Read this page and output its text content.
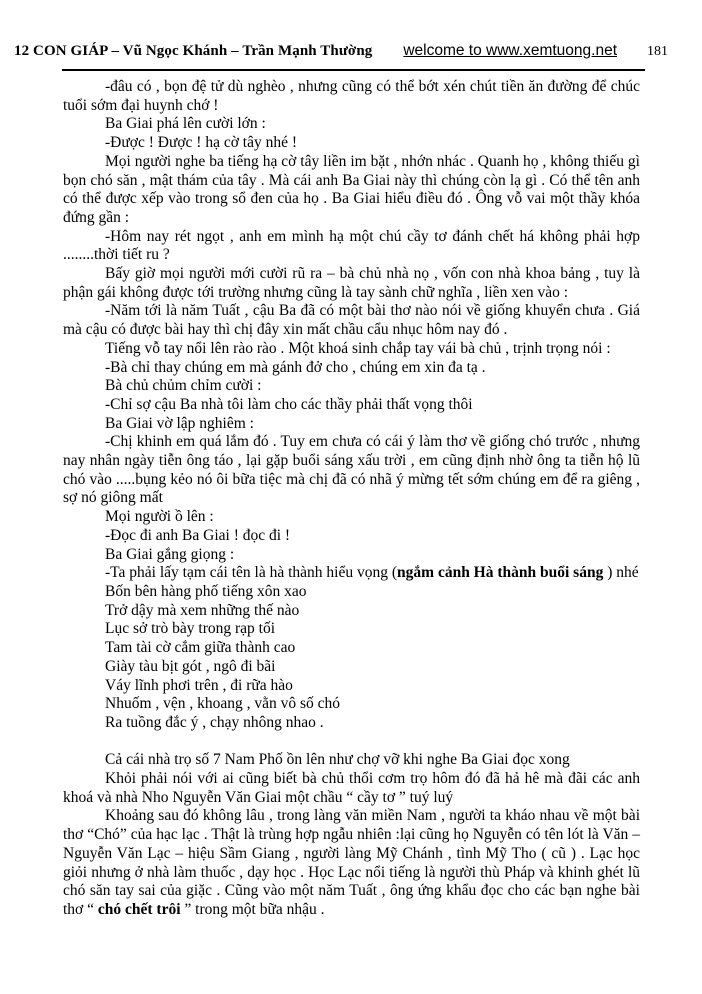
12 CON GIÁP – Vũ Ngọc Khánh – Trần Mạnh Thường welcome to www.xemtuong.net 181

-đâu có , bọn đệ tử dù nghèo , nhưng cũng có thể bớt xén chút tiền ăn đường để chúc tuổi sớm đại huynh chớ !

Ba Giai phá lên cười lớn :

-Được ! Được ! hạ cờ tây nhé !

Mọi người nghe ba tiếng hạ cờ tây liền im bặt , nhớn nhác . Quanh họ , không thiếu gì bọn chó săn , mật thám của tây . Mà cái anh Ba Giai này thì chúng còn lạ gì . Có thể tên anh có thể được xếp vào trong sổ đen của họ . Ba Giai hiểu điều đó . Ông vỗ vai một thầy khóa đứng gần :

-Hôm nay rét ngọt , anh em mình hạ một chú cầy tơ đánh chết há không phải hợp ........thời tiết ru ?

Bấy giờ mọi người mới cười rũ ra – bà chủ nhà nọ , vốn con nhà khoa bảng , tuy là phận gái không được tới trường nhưng cũng là tay sành chữ nghĩa , liền xen vào :

-Năm tới là năm Tuất , cậu Ba đã có một bài thơ nào nói về giống khuyển chưa . Giá mà cậu có được bài hay thì chị đây xin mất chầu cẩu nhục hôm nay đó .

Tiếng vỗ tay nổi lên rào rào . Một khoá sinh chắp tay vái bà chủ , trịnh trọng nói :

-Bà chỉ thay chúng em mà gánh đở cho , chúng em xin đa tạ .

Bà chủ chủm chỉm cười :

-Chỉ sợ cậu Ba nhà tôi làm cho các thầy phải thất vọng thôi

Ba Giai vờ lập nghiêm :

-Chị khinh em quá lắm đó . Tuy em chưa có cái ý làm thơ về giống chó trước , nhưng nay nhân ngày tiễn ông táo , lại gặp buổi sáng xấu trời , em cũng định nhờ ông ta tiễn hộ lũ chó vào .....bụng kẻo nó ôi bữa tiệc mà chị đã có nhã ý mừng tết sớm chúng em để ra giêng , sợ nó giông mất

Mọi người ồ lên :

-Đọc đi anh Ba Giai ! đọc đi !

Ba Giai gắng giọng :

-Ta phải lấy tạm cái tên là hà thành hiểu vọng (ngắm cảnh Hà thành buổi sáng ) nhé

Bốn bên hàng phố tiếng xôn xao

Trở dậy mà xem những thế nào

Lục sở trò bày trong rạp tối

Tam tài cờ cắm giữa thành cao

Giày tàu bịt gót , ngô đi bãi

Váy lĩnh phơi trên , đi rữa hào

Nhuốm , vện , khoang , vằn vô số chó

Ra tuồng đắc ý , chạy nhông nhao .

Cả cái nhà trọ số 7 Nam Phố ồn lên như chợ vỡ khi nghe Ba Giai đọc xong

Khỏi phải nói với ai cũng biết bà chủ thổi cơm trọ hôm đó đã hả hê mà đãi các anh khoá và nhà Nho Nguyễn Văn Giai một chầu “ cầy tơ ” tuý luý

Khoảng sau đó không lâu , trong làng văn miền Nam , người ta kháo nhau về một bài thơ “Chó” của hạc lạc . Thật là trùng hợp ngẫu nhiên :lại cũng họ Nguyễn có tên lót là Văn – Nguyễn Văn Lạc – hiệu Sầm Giang , người làng Mỹ Chánh , tình Mỹ Tho ( cũ ) . Lạc học giỏi nhưng ở nhà làm thuốc , dạy học . Học Lạc nổi tiếng là người thù Pháp và khinh ghét lũ chó săn tay sai của giặc . Cũng vào một năm Tuất , ông ứng khẩu đọc cho các bạn nghe bài thơ “ chó chết trôi ” trong một bữa nhậu .
